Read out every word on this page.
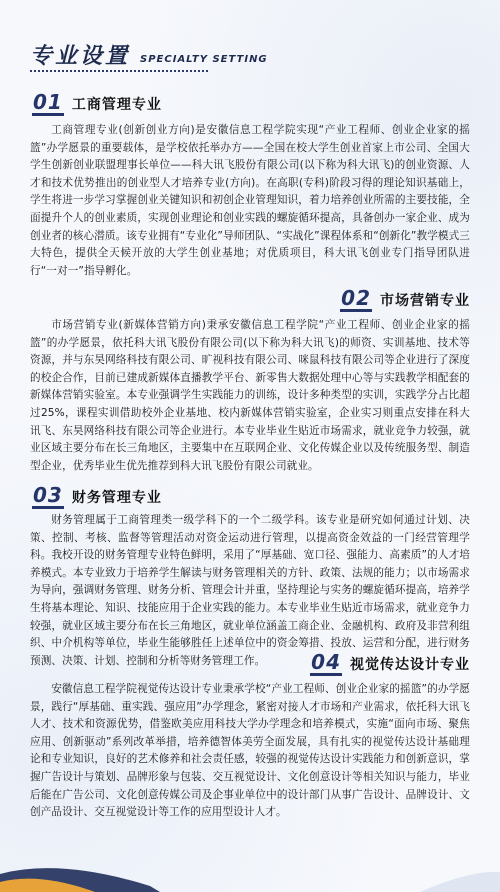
专业设置 SPECIALTY SETTING
01 工商管理专业
工商管理专业(创新创业方向)是安徽信息工程学院实现“产业工程师、创业企业家的摇篮”办学愿景的重要载体，是学校依托举办方——全国在校大学生创业首家上市公司、全国大学生创新创业联盟理事长单位——科大讯飞股份有限公司(以下称为科大讯飞)的创业资源、人才和技术优势推出的创业型人才培养专业(方向)。在高职(专科)阶段习得的理论知识基础上，学生将进一步学习掌握创业关键知识和初创企业管理知识，着力培养创业所需的主要技能，全面提升个人的创业素质，实现创业理论和创业实践的螺旋循环提高，具备创办一家企业、成为创业者的核心潜质。该专业拥有“专业化”导师团队、“实战化”课程体系和“创新化”教学模式三大特色，提供全天候开放的大学生创业基地；对优质项目，科大讯飞创业专门指导团队进行“一对一”指导孵化。
02 市场营销专业
市场营销专业(新媒体营销方向)秉承安徽信息工程学院“产业工程师、创业企业家的摇篮”的办学愿景，依托科大讯飞股份有限公司(以下称为科大讯飞)的师资、实训基地、技术等资源，并与东昊网络科技有限公司、旷视科技有限公司、咪鼠科技有限公司等企业进行了深度的校企合作，目前已建成新媒体直播教学平台、新零售大数据处理中心等与实践教学相配套的新媒体营销实验室。本专业强调学生实践能力的训练，设计多种类型的实训，实践学分占比超过25%，课程实训借助校外企业基地、校内新媒体营销实验室，企业实习则重点安排在科大讯飞、东昊网络科技有限公司等企业进行。本专业毕业生贴近市场需求，就业竞争力较强，就业区域主要分布在长三角地区，主要集中在互联网企业、文化传媒企业以及传统服务型、制造型企业，优秀毕业生优先推荐到科大讯飞股份有限公司就业。
03 财务管理专业
财务管理属于工商管理类一级学科下的一个二级学科。该专业是研究如何通过计划、决策、控制、考核、监督等管理活动对资金运动进行管理，以提高资金效益的一门经营管理学科。我校开设的财务管理专业特色鲜明，采用了“厚基础、宽口径、强能力、高素质”的人才培养模式。本专业致力于培养学生解读与财务管理相关的方针、政策、法规的能力；以市场需求为导向，强调财务管理、财务分析、管理会计并重，坚持理论与实务的螺旋循环提高，培养学生将基本理论、知识、技能应用于企业实践的能力。本专业毕业生贴近市场需求，就业竞争力较强，就业区域主要分布在长三角地区，就业单位涵盖工商企业、金融机构、政府及非营利组织、中介机构等单位，毕业生能够胜任上述单位中的资金筹措、投放、运营和分配，进行财务预测、决策、计划、控制和分析等财务管理工作。	04 视觉传达设计专业
安徽信息工程学院视觉传达设计专业秉承学校“产业工程师、创业企业家的摇篮”的办学愿景，践行“厚基础、重实践、强应用”办学理念，紧密对接人才市场和产业需求，依托科大讯飞人才、技术和资源优势，借鉴欧美应用科技大学办学理念和培养模式，实施“面向市场、聚焦应用、创新驱动”系列改革举措，培养德智体美劳全面发展，具有扎实的视觉传达设计基础理论和专业知识，良好的艺术修养和社会责任感，较强的视觉传达设计实践能力和创新意识，掌握广告设计与策划、品牌形象与包装、交互视觉设计、文化创意设计等相关知识与能力，毕业后能在广告公司、文化创意传媒公司及企事业单位中的设计部门从事广告设计、品牌设计、文创产品设计、交互视觉设计等工作的应用型设计人才。
